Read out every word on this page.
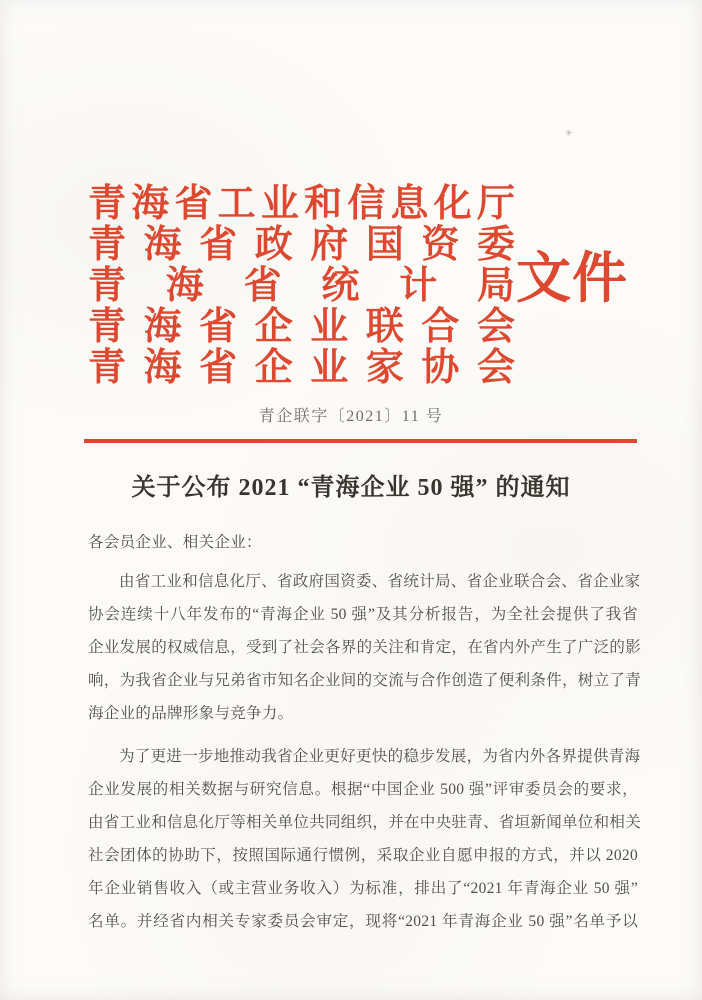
✳
青 海 省 工 业 和 信 息 化 厅
青 海 省 政 府 国 资 委
青 海 省 统 计 局
青 海 省 企 业 联 合 会
青 海 省 企 业 家 协 会
文件
青企联字〔2021〕11 号
关于公布 2021 “青海企业 50 强” 的通知
各会员企业、相关企业：
由省工业和信息化厅、省政府国资委、省统计局、省企业联合会、省企业家
协会连续十八年发布的“青海企业 50 强”及其分析报告，为全社会提供了我省
企业发展的权威信息，受到了社会各界的关注和肯定，在省内外产生了广泛的影
响，为我省企业与兄弟省市知名企业间的交流与合作创造了便利条件，树立了青
海企业的品牌形象与竞争力。
为了更进一步地推动我省企业更好更快的稳步发展，为省内外各界提供青海
企业发展的相关数据与研究信息。根据“中国企业 500 强”评审委员会的要求，
由省工业和信息化厅等相关单位共同组织，并在中央驻青、省垣新闻单位和相关
社会团体的协助下，按照国际通行惯例，采取企业自愿申报的方式，并以 2020
年企业销售收入（或主营业务收入）为标准，排出了“2021 年青海企业 50 强”
名单。并经省内相关专家委员会审定，现将“2021 年青海企业 50 强”名单予以
